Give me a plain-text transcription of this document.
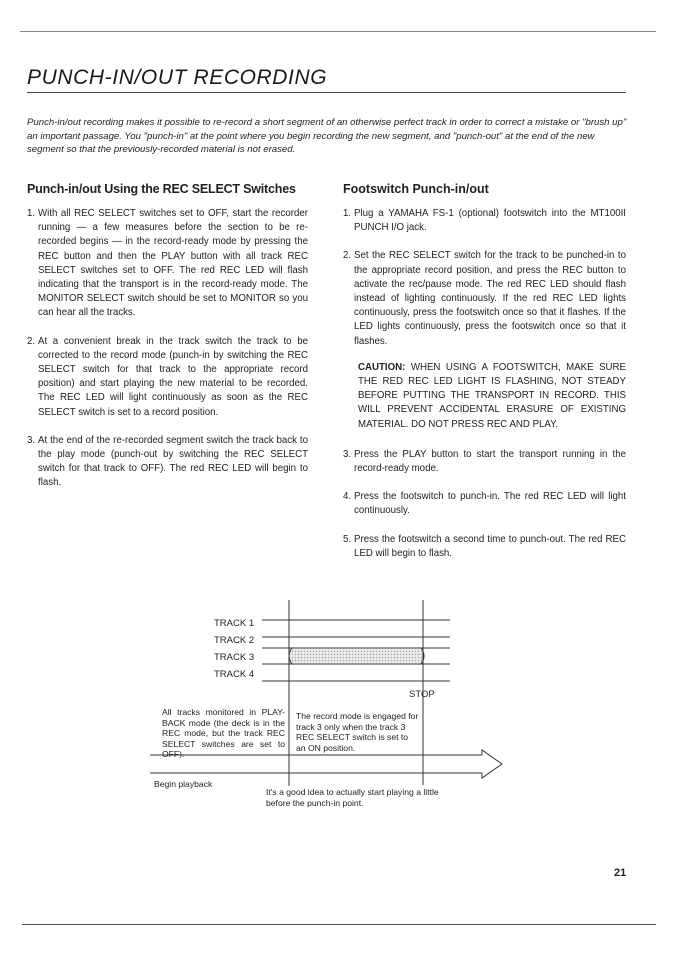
PUNCH-IN/OUT RECORDING

Punch-in/out recording makes it possible to re-record a short segment of an otherwise perfect track in order to correct a mistake or "brush up" an important passage. You "punch-in" at the point where you begin recording the new segment, and "punch-out" at the end of the new segment so that the previously-recorded material is not erased.

Punch-in/out Using the REC SELECT Switches
1. With all REC SELECT switches set to OFF, start the recorder running — a few measures before the section to be re-recorded begins — in the record-ready mode by pressing the REC button and then the PLAY button with all track REC SELECT switches set to OFF. The red REC LED will flash indicating that the transport is in the record-ready mode. The MONITOR SELECT switch should be set to MONITOR so you can hear all the tracks.
2. At a convenient break in the track switch the track to be corrected to the record mode (punch-in by switching the REC SELECT switch for that track to the appropriate record position) and start playing the new material to be recorded. The REC LED will light continuously as soon as the REC SELECT switch is set to a record position.
3. At the end of the re-recorded segment switch the track back to the play mode (punch-out by switching the REC SELECT switch for that track to OFF). The red REC LED will begin to flash.
Footswitch Punch-in/out
1. Plug a YAMAHA FS-1 (optional) footswitch into the MT100II PUNCH I/O jack.
2. Set the REC SELECT switch for the track to be punched-in to the appropriate record position, and press the REC button to activate the rec/pause mode. The red REC LED should flash instead of lighting continuously. If the red REC LED lights continuously, press the footswitch once so that it flashes. If the LED lights continuously, press the footswitch once so that it flashes.
CAUTION: WHEN USING A FOOTSWITCH, MAKE SURE THE RED REC LED LIGHT IS FLASHING, NOT STEADY BEFORE PUTTING THE TRANSPORT IN RECORD. THIS WILL PREVENT ACCIDENTAL ERASURE OF EXISTING MATERIAL. DO NOT PRESS REC AND PLAY.
3. Press the PLAY button to start the transport running in the record-ready mode.
4. Press the footswitch to punch-in. The red REC LED will light continuously.
5. Press the footswitch a second time to punch-out. The red REC LED will begin to flash.
TRACK 1
TRACK 2
TRACK 3
TRACK 4
STOP
All tracks monitored in PLAY-BACK mode (the deck is in the REC mode, but the track REC SELECT switches are set to OFF).
The record mode is engaged for track 3 only when the track 3 REC SELECT switch is set to an ON position.
Begin playback
It's a good idea to actually start playing a little before the punch-in point.
21
